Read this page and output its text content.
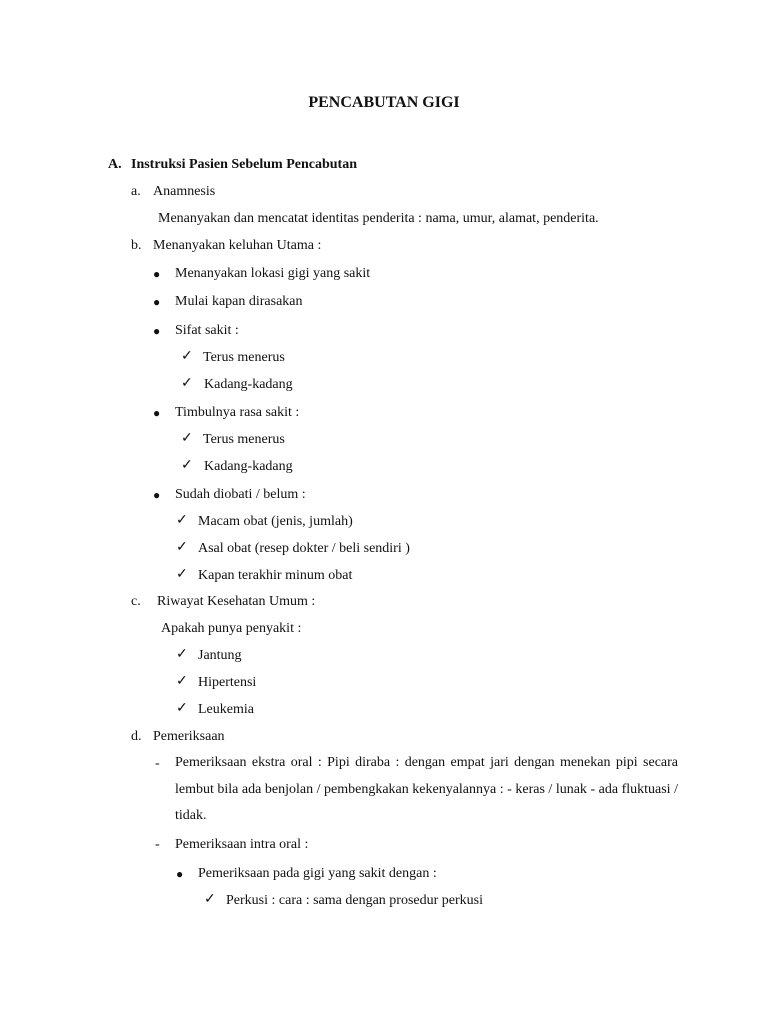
PENCABUTAN GIGI
A. Instruksi Pasien Sebelum Pencabutan
a. Anamnesis
Menanyakan dan mencatat identitas penderita : nama, umur, alamat, penderita.
b. Menanyakan keluhan Utama :
● Menanyakan lokasi gigi yang sakit
● Mulai kapan dirasakan
● Sifat sakit :
✓ Terus menerus
✓ Kadang-kadang
● Timbulnya rasa sakit :
✓ Terus menerus
✓ Kadang-kadang
● Sudah diobati / belum :
✓ Macam obat (jenis, jumlah)
✓ Asal obat (resep dokter / beli sendiri )
✓ Kapan terakhir minum obat
c. Riwayat Kesehatan Umum :
Apakah punya penyakit :
✓ Jantung
✓ Hipertensi
✓ Leukemia
d. Pemeriksaan
- Pemeriksaan ekstra oral : Pipi diraba : dengan empat jari dengan menekan pipi secara lembut bila ada benjolan / pembengkakan kekenyalannya : - keras / lunak - ada fluktuasi / tidak.
- Pemeriksaan intra oral :
● Pemeriksaan pada gigi yang sakit dengan :
✓ Perkusi : cara : sama dengan prosedur perkusi
